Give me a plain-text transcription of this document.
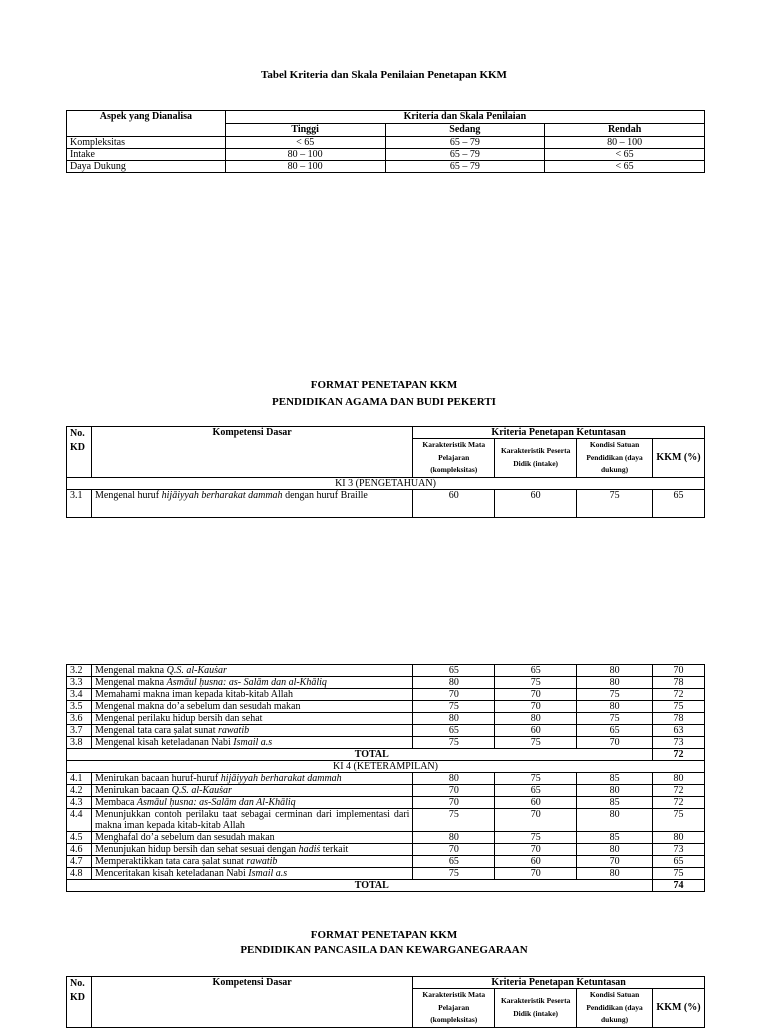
Tabel Kriteria dan Skala Penilaian Penetapan KKM
Aspek yang Dianalisa	Kriteria dan Skala Penilaian		
	Tinggi	Sedang	Rendah
Kompleksitas	< 65	65 – 79	80 – 100
Intake	80 – 100	65 – 79	< 65
Daya Dukung	80 – 100	65 – 79	< 65
FORMAT PENETAPAN KKM
PENDIDIKAN AGAMA DAN BUDI PEKERTI
No. KD	Kompetensi Dasar	Kriteria Penetapan Ketuntasan			
		Karakteristik Mata Pelajaran (kompleksitas)	Karakteristik Peserta Didik (intake)	Kondisi Satuan Pendidikan (daya dukung)	KKM (%)
KI 3 (PENGETAHUAN)					
3.1	Mengenal huruf hijāiyyah berharakat dammah dengan huruf Braille	60	60	75	65
3.2	Mengenal makna Q.S. al-Kauṡar	65	65	80	70
3.3	Mengenal makna Asmāul ḥusna: as- Salām dan al-Khāliq	80	75	80	78
3.4	Memahami makna iman kepada kitab-kitab Allah	70	70	75	72
3.5	Mengenal makna do’a sebelum dan sesudah makan	75	70	80	75
3.6	Mengenal perilaku hidup bersih dan sehat	80	80	75	78
3.7	Mengenal tata cara ṣalat sunat rawatib	65	60	65	63
3.8	Mengenal kisah keteladanan Nabi Ismail a.s	75	75	70	73
	TOTAL				72
KI 4 (KETERAMPILAN)					
4.1	Menirukan bacaan huruf-huruf hijāiyyah berharakat dammah	80	75	85	80
4.2	Menirukan bacaan Q.S. al-Kauṡar	70	65	80	72
4.3	Membaca Asmāul ḥusna: as-Salām dan Al-Khāliq	70	60	85	72
4.4	Menunjukkan contoh perilaku taat sebagai cerminan dari implementasi dari makna iman kepada kitab-kitab Allah	75	70	80	75
4.5	Menghafal do’a sebelum dan sesudah makan	80	75	85	80
4.6	Menunjukan hidup bersih dan sehat sesuai dengan hadiṡ terkait	70	70	80	73
4.7	Memperaktikkan tata cara ṣalat sunat rawatib	65	60	70	65
4.8	Menceritakan kisah keteladanan Nabi Ismail a.s	75	70	80	75
	TOTAL				74
FORMAT PENETAPAN KKM
PENDIDIKAN PANCASILA DAN KEWARGANEGARAAN
No. KD	Kompetensi Dasar	Kriteria Penetapan Ketuntasan			
		Karakteristik Mata Pelajaran (kompleksitas)	Karakteristik Peserta Didik (intake)	Kondisi Satuan Pendidikan (daya dukung)	KKM (%)
